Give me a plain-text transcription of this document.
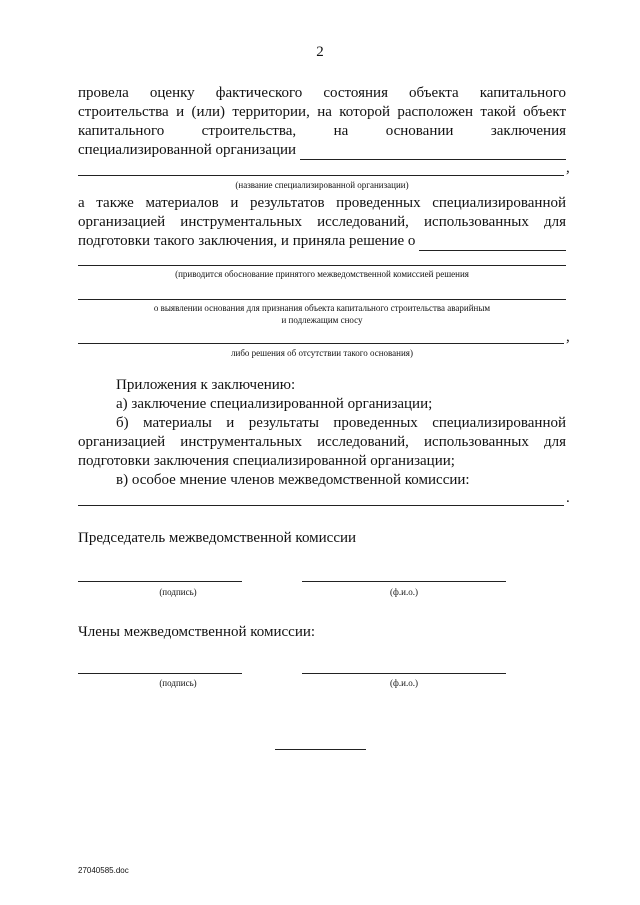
2
провела оценку фактического состояния объекта капитального
строительства и (или) территории, на которой расположен такой объект
капитального строительства, на основании заключения
специализированной организации
,
(название специализированной организации)
а также материалов и результатов проведенных специализированной
организацией инструментальных исследований, использованных для
подготовки такого заключения, и приняла решение о
(приводится обоснование принятого межведомственной комиссией решения
о выявлении основания для признания объекта капитального строительства аварийным
и подлежащим сносу
,
либо решения об отсутствии такого основания)
Приложения к заключению:
а) заключение специализированной организации;
б) материалы и результаты проведенных специализированной
организацией инструментальных исследований, использованных для
подготовки заключения специализированной организации;
в) особое мнение членов межведомственной комиссии:
.
Председатель межведомственной комиссии
(подпись)	(ф.и.о.)
Члены межведомственной комиссии:
(подпись)	(ф.и.о.)
27040585.doc
